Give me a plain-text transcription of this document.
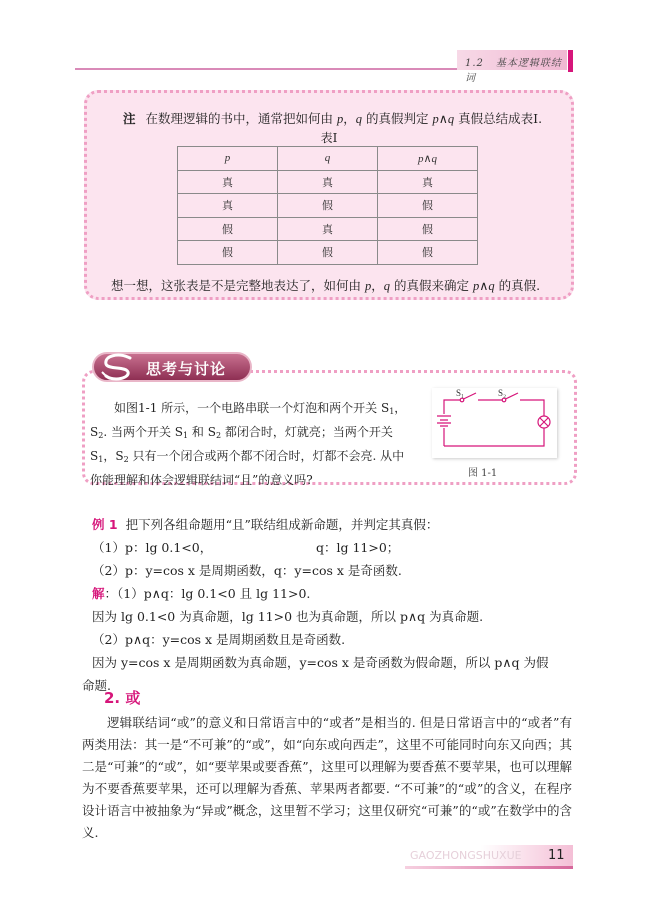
1.2 基本逻辑联结词
注 在数理逻辑的书中，通常把如何由 p，q 的真假判定 p∧q 真假总结成表Ⅰ.
表Ⅰ
p	q	p∧q
真	真	真
真	假	假
假	真	假
假	假	假
想一想，这张表是不是完整地表达了，如何由 p，q 的真假来确定 p∧q 的真假.
思考与讨论
如图1-1 所示，一个电路串联一个灯泡和两个开关 $S_1$，$S_2$. 当两个开关 $S_1$ 和 $S_2$ 都闭合时，灯就亮；当两个开关 $S_1$，$S_2$ 只有一个闭合或两个都不闭合时，灯都不会亮. 从中你能理解和体会逻辑联结词“且”的意义吗?
S₁	S₂
图 1-1
例 1 把下列各组命题用“且”联结组成新命题，并判定其真假：
（1）p：lg 0.1<0，	q：lg 11>0；
（2）p：y=cos x 是周期函数，q：y=cos x 是奇函数.
解：（1）p∧q：lg 0.1<0 且 lg 11>0.
因为 lg 0.1<0 为真命题，lg 11>0 也为真命题，所以 p∧q 为真命题.
（2）p∧q：y=cos x 是周期函数且是奇函数.
因为 y=cos x 是周期函数为真命题，y=cos x 是奇函数为假命题，所以 p∧q 为假
命题.
2. 或
逻辑联结词“或”的意义和日常语言中的“或者”是相当的. 但是日常语言中的“或者”有两类用法：其一是“不可兼”的“或”，如“向东或向西走”，这里不可能同时向东又向西；其二是“可兼”的“或”，如“要苹果或要香蕉”，这里可以理解为要香蕉不要苹果，也可以理解为不要香蕉要苹果，还可以理解为香蕉、苹果两者都要. “不可兼”的“或”的含义，在程序设计语言中被抽象为“异或”概念，这里暂不学习；这里仅研究“可兼”的“或”在数学中的含义.
GAOZHONGSHUXUE 11
